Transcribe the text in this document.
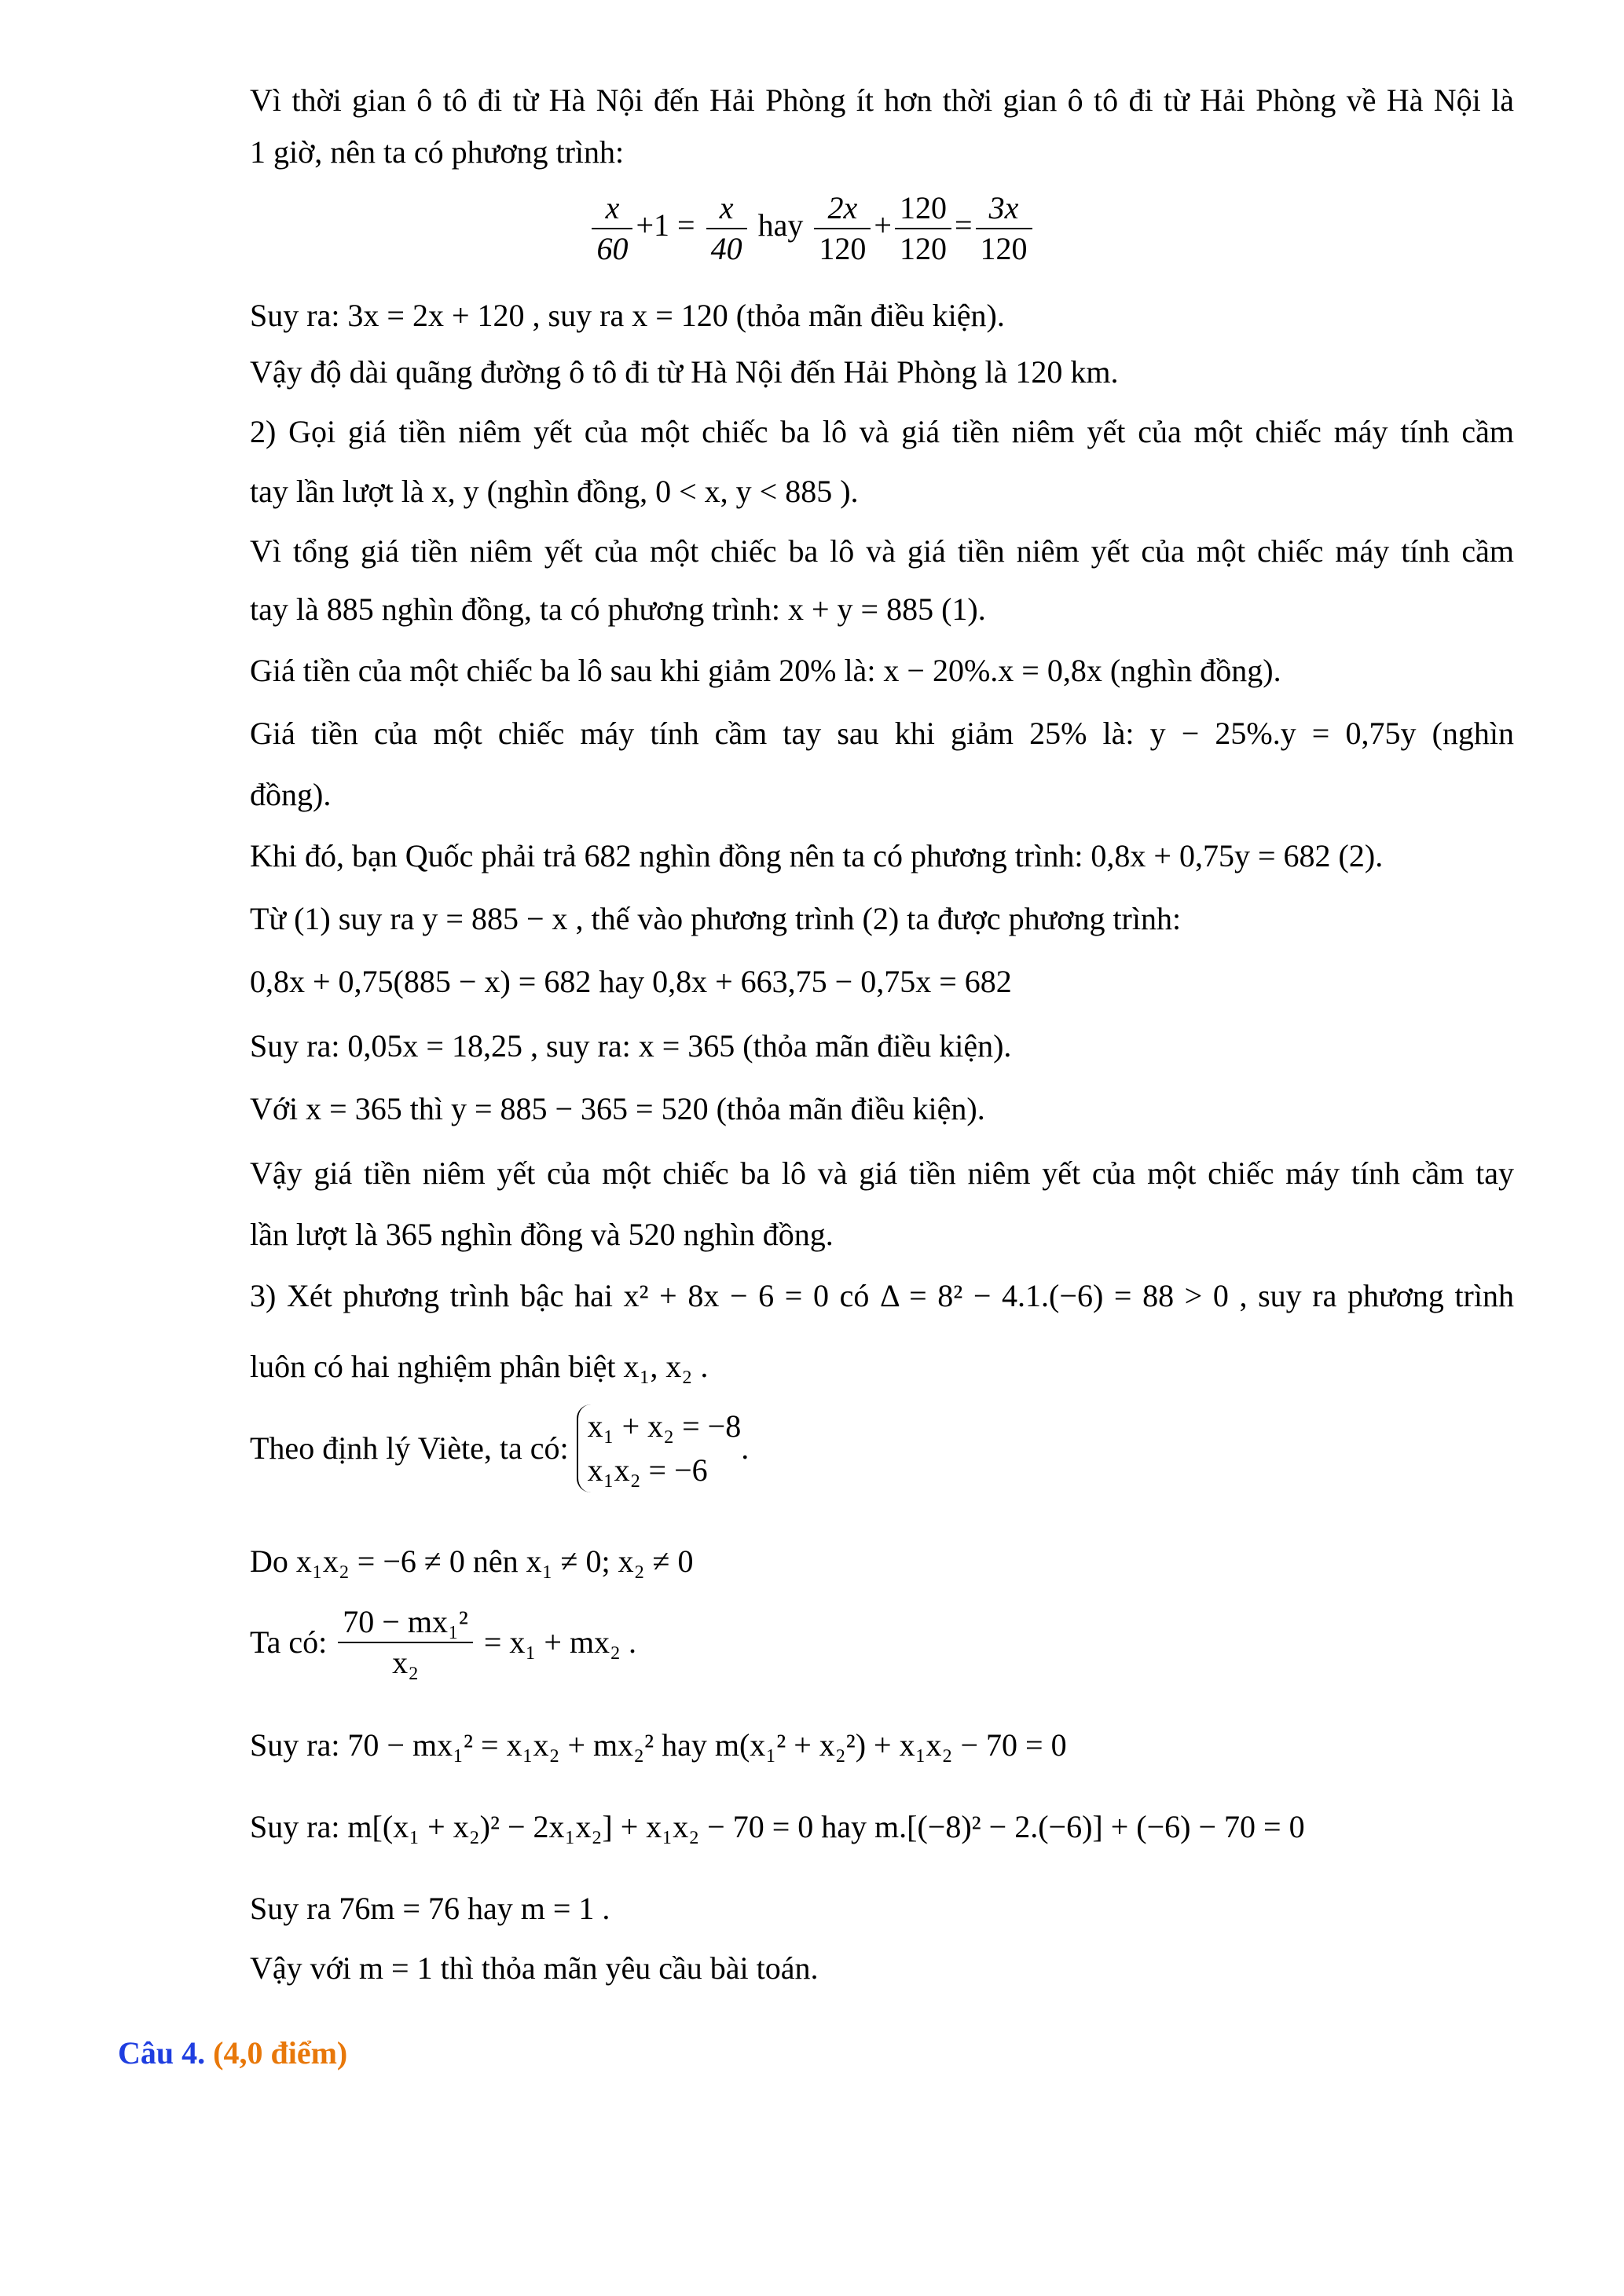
Vì thời gian ô tô đi từ Hà Nội đến Hải Phòng ít hơn thời gian ô tô đi từ Hải Phòng về Hà Nội là
1 giờ, nên ta có phương trình:
$\frac{x}{60} +1 = \frac{x}{40}$ hay $\frac{2x}{120} + \frac{120}{120} = \frac{3x}{120}$
Suy ra: 3x = 2x + 120 , suy ra x = 120 (thỏa mãn điều kiện).
Vậy độ dài quãng đường ô tô đi từ Hà Nội đến Hải Phòng là 120 km.
2) Gọi giá tiền niêm yết của một chiếc ba lô và giá tiền niêm yết của một chiếc máy tính cầm
tay lần lượt là x, y (nghìn đồng, 0 < x, y < 885 ).
Vì tổng giá tiền niêm yết của một chiếc ba lô và giá tiền niêm yết của một chiếc máy tính cầm
tay là 885 nghìn đồng, ta có phương trình: x + y = 885 (1).
Giá tiền của một chiếc ba lô sau khi giảm 20% là: x − 20%.x = 0,8x (nghìn đồng).
Giá tiền của một chiếc máy tính cầm tay sau khi giảm 25% là: y − 25%.y = 0,75y (nghìn
đồng).
Khi đó, bạn Quốc phải trả 682 nghìn đồng nên ta có phương trình: 0,8x + 0,75y = 682 (2).
Từ (1) suy ra y = 885 − x , thế vào phương trình (2) ta được phương trình:
0,8x + 0,75(885 − x) = 682 hay 0,8x + 663,75 − 0,75x = 682
Suy ra: 0,05x = 18,25 , suy ra: x = 365 (thỏa mãn điều kiện).
Với x = 365 thì y = 885 − 365 = 520 (thỏa mãn điều kiện).
Vậy giá tiền niêm yết của một chiếc ba lô và giá tiền niêm yết của một chiếc máy tính cầm tay
lần lượt là 365 nghìn đồng và 520 nghìn đồng.
3) Xét phương trình bậc hai x² + 8x − 6 = 0 có Δ = 8² − 4.1.(−6) = 88 > 0 , suy ra phương trình
luôn có hai nghiệm phân biệt x₁, x₂ .
Theo định lý Viète, ta có:
x₁ + x₂ = −8
x₁x₂ = −6
.
Do x₁x₂ = −6 ≠ 0 nên x₁ ≠ 0; x₂ ≠ 0
Ta có: $\frac{\text{70 − mx₁²}}{\text{x₂}} = x_1 + mx_2$ .
Suy ra: 70 − mx₁² = x₁x₂ + mx₂² hay m(x₁² + x₂²) + x₁x₂ − 70 = 0
Suy ra: m[(x₁ + x₂)² − 2x₁x₂] + x₁x₂ − 70 = 0 hay m.[(−8)² − 2.(−6)] + (−6) − 70 = 0
Suy ra 76m = 76 hay m = 1 .
Vậy với m = 1 thì thỏa mãn yêu cầu bài toán.
Câu 4. (4,0 điểm)
